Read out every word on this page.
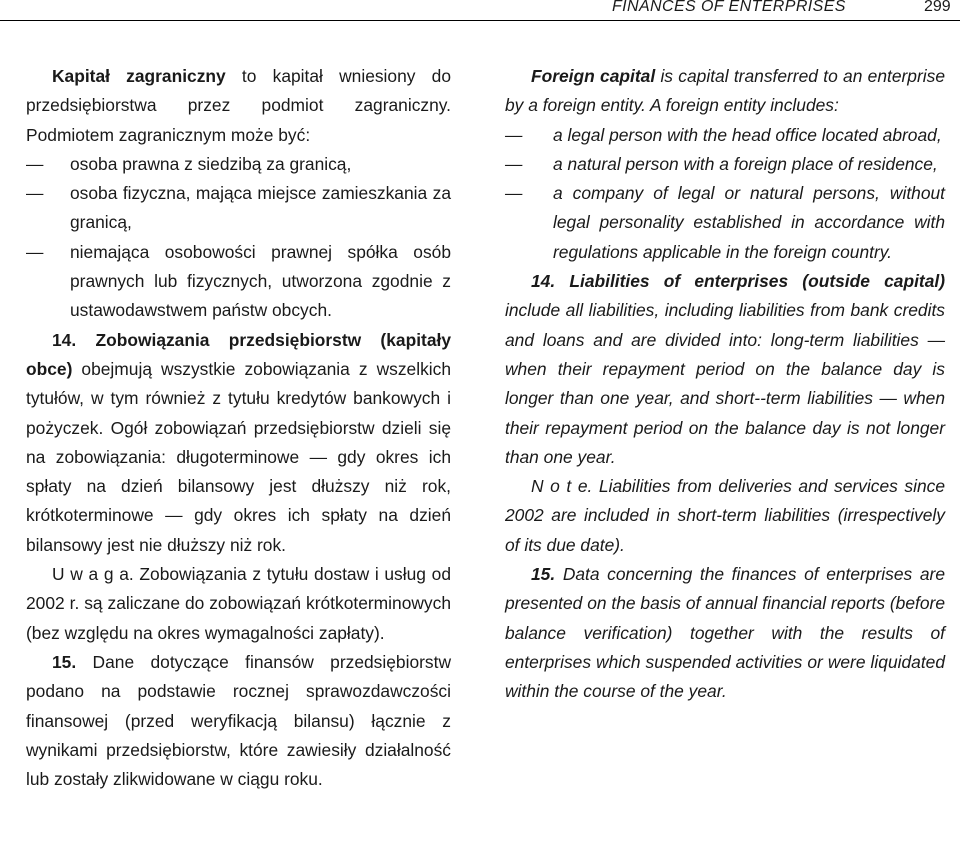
FINANCES OF ENTERPRISES	299

Kapitał zagraniczny to kapitał wniesiony do przedsiębiorstwa przez podmiot zagraniczny. Podmiotem zagranicznym może być:

—	osoba prawna z siedzibą za granicą,
—	osoba fizyczna, mająca miejsce zamieszkania za granicą,
—	niemająca osobowości prawnej spółka osób prawnych lub fizycznych, utworzona zgodnie z ustawodawstwem państw obcych.

14. Zobowiązania przedsiębiorstw (kapitały obce) obejmują wszystkie zobowiązania z wszelkich tytułów, w tym również z tytułu kredytów bankowych i pożyczek. Ogół zobowiązań przedsiębiorstw dzieli się na zobowiązania: długoterminowe — gdy okres ich spłaty na dzień bilansowy jest dłuższy niż rok, krótkoterminowe — gdy okres ich spłaty na dzień bilansowy jest nie dłuższy niż rok.

U w a g a. Zobowiązania z tytułu dostaw i usług od 2002 r. są zaliczane do zobowiązań krótkoterminowych (bez względu na okres wymagalności zapłaty).

15. Dane dotyczące finansów przedsiębiorstw podano na podstawie rocznej sprawozdawczości finansowej (przed weryfikacją bilansu) łącznie z wynikami przedsiębiorstw, które zawiesiły działalność lub zostały zlikwidowane w ciągu roku.

Foreign capital is capital transferred to an enterprise by a foreign entity. A foreign entity includes:

—	a legal person with the head office located abroad,
—	a natural person with a foreign place of residence,
—	a company of legal or natural persons, without legal personality established in accordance with regulations applicable in the foreign country.

14. Liabilities of enterprises (outside capital) include all liabilities, including liabilities from bank credits and loans and are divided into: long-term liabilities — when their repayment period on the balance day is longer than one year, and short--term liabilities — when their repayment period on the balance day is not longer than one year.

N o t e. Liabilities from deliveries and services since 2002 are included in short-term liabilities (irrespectively of its due date).

15. Data concerning the finances of enterprises are presented on the basis of annual financial reports (before balance verification) together with the results of enterprises which suspended activities or were liquidated within the course of the year.
